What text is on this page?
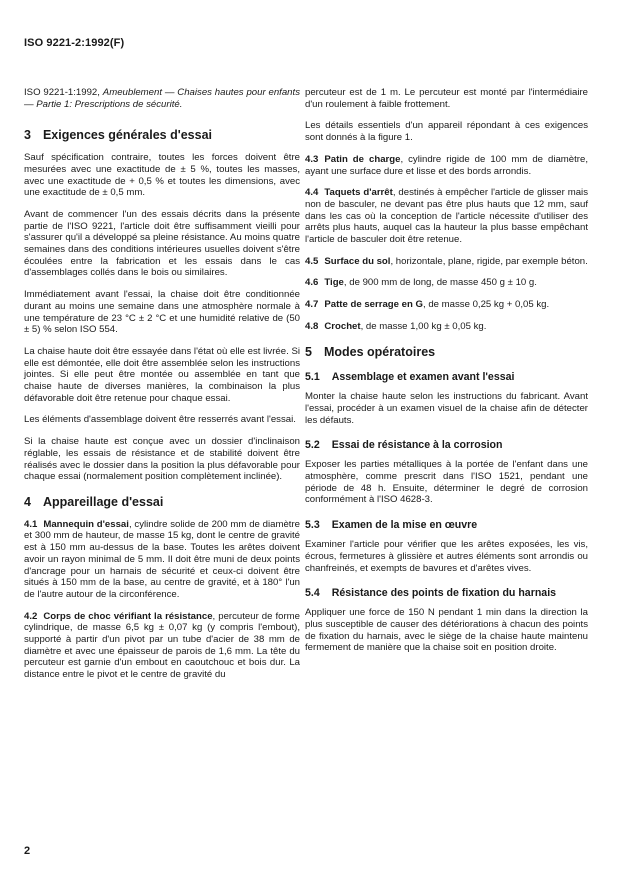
ISO 9221-2:1992(F)

ISO 9221-1:1992, Ameublement — Chaises hautes pour enfants — Partie 1: Prescriptions de sécurité.

3 Exigences générales d'essai

Sauf spécification contraire, toutes les forces doivent être mesurées avec une exactitude de ± 5 %, toutes les masses, avec une exactitude de + 0,5 % et toutes les dimensions, avec une exactitude de ± 0,5 mm.

Avant de commencer l'un des essais décrits dans la présente partie de l'ISO 9221, l'article doit être suffisamment vieilli pour s'assurer qu'il a développé sa pleine résistance. Au moins quatre semaines dans des conditions intérieures usuelles doivent s'être écoulées entre la fabrication et les essais dans le cas d'assemblages collés dans le bois ou similaires.

Immédiatement avant l'essai, la chaise doit être conditionnée durant au moins une semaine dans une atmosphère normale à une température de 23 °C ± 2 °C et une humidité relative de (50 ± 5) % selon ISO 554.

La chaise haute doit être essayée dans l'état où elle est livrée. Si elle est démontée, elle doit être assemblée selon les instructions jointes. Si elle peut être montée ou assemblée en tant que chaise haute de diverses manières, la combinaison la plus défavorable doit être retenue pour chaque essai.

Les éléments d'assemblage doivent être resserrés avant l'essai.

Si la chaise haute est conçue avec un dossier d'inclinaison réglable, les essais de résistance et de stabilité doivent être réalisés avec le dossier dans la position la plus défavorable pour chaque essai (normalement position complètement inclinée).

4 Appareillage d'essai

4.1 Mannequin d'essai, cylindre solide de 200 mm de diamètre et 300 mm de hauteur, de masse 15 kg, dont le centre de gravité est à 150 mm au-dessus de la base. Toutes les arêtes doivent avoir un rayon minimal de 5 mm. Il doit être muni de deux points d'ancrage pour un harnais de sécurité et ceux-ci doivent être situés à 150 mm de la base, au centre de gravité, et à 180° l'un de l'autre autour de la circonférence.

4.2 Corps de choc vérifiant la résistance, percuteur de forme cylindrique, de masse 6,5 kg ± 0,07 kg (y compris l'embout), supporté à partir d'un pivot par un tube d'acier de 38 mm de diamètre et avec une épaisseur de parois de 1,6 mm. La tête du percuteur est garnie d'un embout en caoutchouc et bois dur. La distance entre le pivot et le centre de gravité du

percuteur est de 1 m. Le percuteur est monté par l'intermédiaire d'un roulement à faible frottement.

Les détails essentiels d'un appareil répondant à ces exigences sont donnés à la figure 1.

4.3 Patin de charge, cylindre rigide de 100 mm de diamètre, ayant une surface dure et lisse et des bords arrondis.

4.4 Taquets d'arrêt, destinés à empêcher l'article de glisser mais non de basculer, ne devant pas être plus hauts que 12 mm, sauf dans les cas où la conception de l'article nécessite d'utiliser des arrêts plus hauts, auquel cas la hauteur la plus basse empêchant l'article de basculer doit être retenue.

4.5 Surface du sol, horizontale, plane, rigide, par exemple béton.

4.6 Tige, de 900 mm de long, de masse 450 g ± 10 g.

4.7 Patte de serrage en G, de masse 0,25 kg + 0,05 kg.

4.8 Crochet, de masse 1,00 kg ± 0,05 kg.

5 Modes opératoires
5.1 Assemblage et examen avant l'essai

Monter la chaise haute selon les instructions du fabricant. Avant l'essai, procéder à un examen visuel de la chaise afin de détecter les défauts.

5.2 Essai de résistance à la corrosion

Exposer les parties métalliques à la portée de l'enfant dans une atmosphère, comme prescrit dans l'ISO 1521, pendant une période de 48 h. Ensuite, déterminer le degré de corrosion conformément à l'ISO 4628-3.

5.3 Examen de la mise en œuvre

Examiner l'article pour vérifier que les arêtes exposées, les vis, écrous, fermetures à glissière et autres éléments sont arrondis ou chanfreinés, et exempts de bavures et d'arêtes vives.

5.4 Résistance des points de fixation du harnais

Appliquer une force de 150 N pendant 1 min dans la direction la plus susceptible de causer des détériorations à chacun des points de fixation du harnais, avec le siège de la chaise haute maintenu fermement de manière que la chaise soit en position droite.

2
